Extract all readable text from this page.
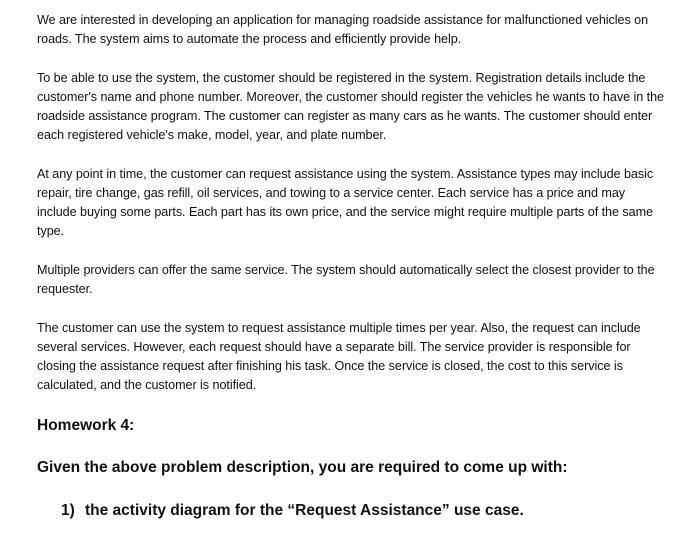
We are interested in developing an application for managing roadside assistance for malfunctioned vehicles on roads. The system aims to automate the process and efficiently provide help.

To be able to use the system, the customer should be registered in the system. Registration details include the customer's name and phone number. Moreover, the customer should register the vehicles he wants to have in the roadside assistance program. The customer can register as many cars as he wants. The customer should enter each registered vehicle's make, model, year, and plate number.

At any point in time, the customer can request assistance using the system. Assistance types may include basic repair, tire change, gas refill, oil services, and towing to a service center. Each service has a price and may include buying some parts. Each part has its own price, and the service might require multiple parts of the same type.

Multiple providers can offer the same service. The system should automatically select the closest provider to the requester.

The customer can use the system to request assistance multiple times per year. Also, the request can include several services. However, each request should have a separate bill. The service provider is responsible for closing the assistance request after finishing his task. Once the service is closed, the cost to this service is calculated, and the customer is notified.

Homework 4:
Given the above problem description, you are required to come up with:
1) the activity diagram for the “Request Assistance” use case.
